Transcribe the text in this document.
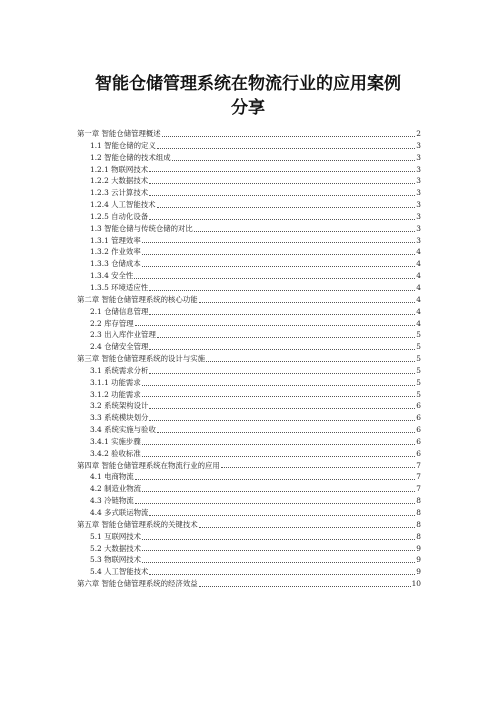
智能仓储管理系统在物流行业的应用案例
分享
第一章 智能仓储管理概述	2
1.1 智能仓储的定义	3
1.2 智能仓储的技术组成	3
1.2.1 物联网技术	3
1.2.2 大数据技术	3
1.2.3 云计算技术	3
1.2.4 人工智能技术	3
1.2.5 自动化设备	3
1.3 智能仓储与传统仓储的对比	3
1.3.1 管理效率	3
1.3.2 作业效率	4
1.3.3 仓储成本	4
1.3.4 安全性	4
1.3.5 环境适应性	4
第二章 智能仓储管理系统的核心功能	4
2.1 仓储信息管理	4
2.2 库存管理	4
2.3 出入库作业管理	5
2.4 仓储安全管理	5
第三章 智能仓储管理系统的设计与实施	5
3.1 系统需求分析	5
3.1.1 功能需求	5
3.1.2 功能需求	5
3.2 系统架构设计	6
3.3 系统模块划分	6
3.4 系统实施与验收	6
3.4.1 实施步骤	6
3.4.2 验收标准	6
第四章 智能仓储管理系统在物流行业的应用	7
4.1 电商物流	7
4.2 制造业物流	7
4.3 冷链物流	8
4.4 多式联运物流	8
第五章 智能仓储管理系统的关键技术	8
5.1 互联网技术	8
5.2 大数据技术	9
5.3 物联网技术	9
5.4 人工智能技术	9
第六章 智能仓储管理系统的经济效益	10
